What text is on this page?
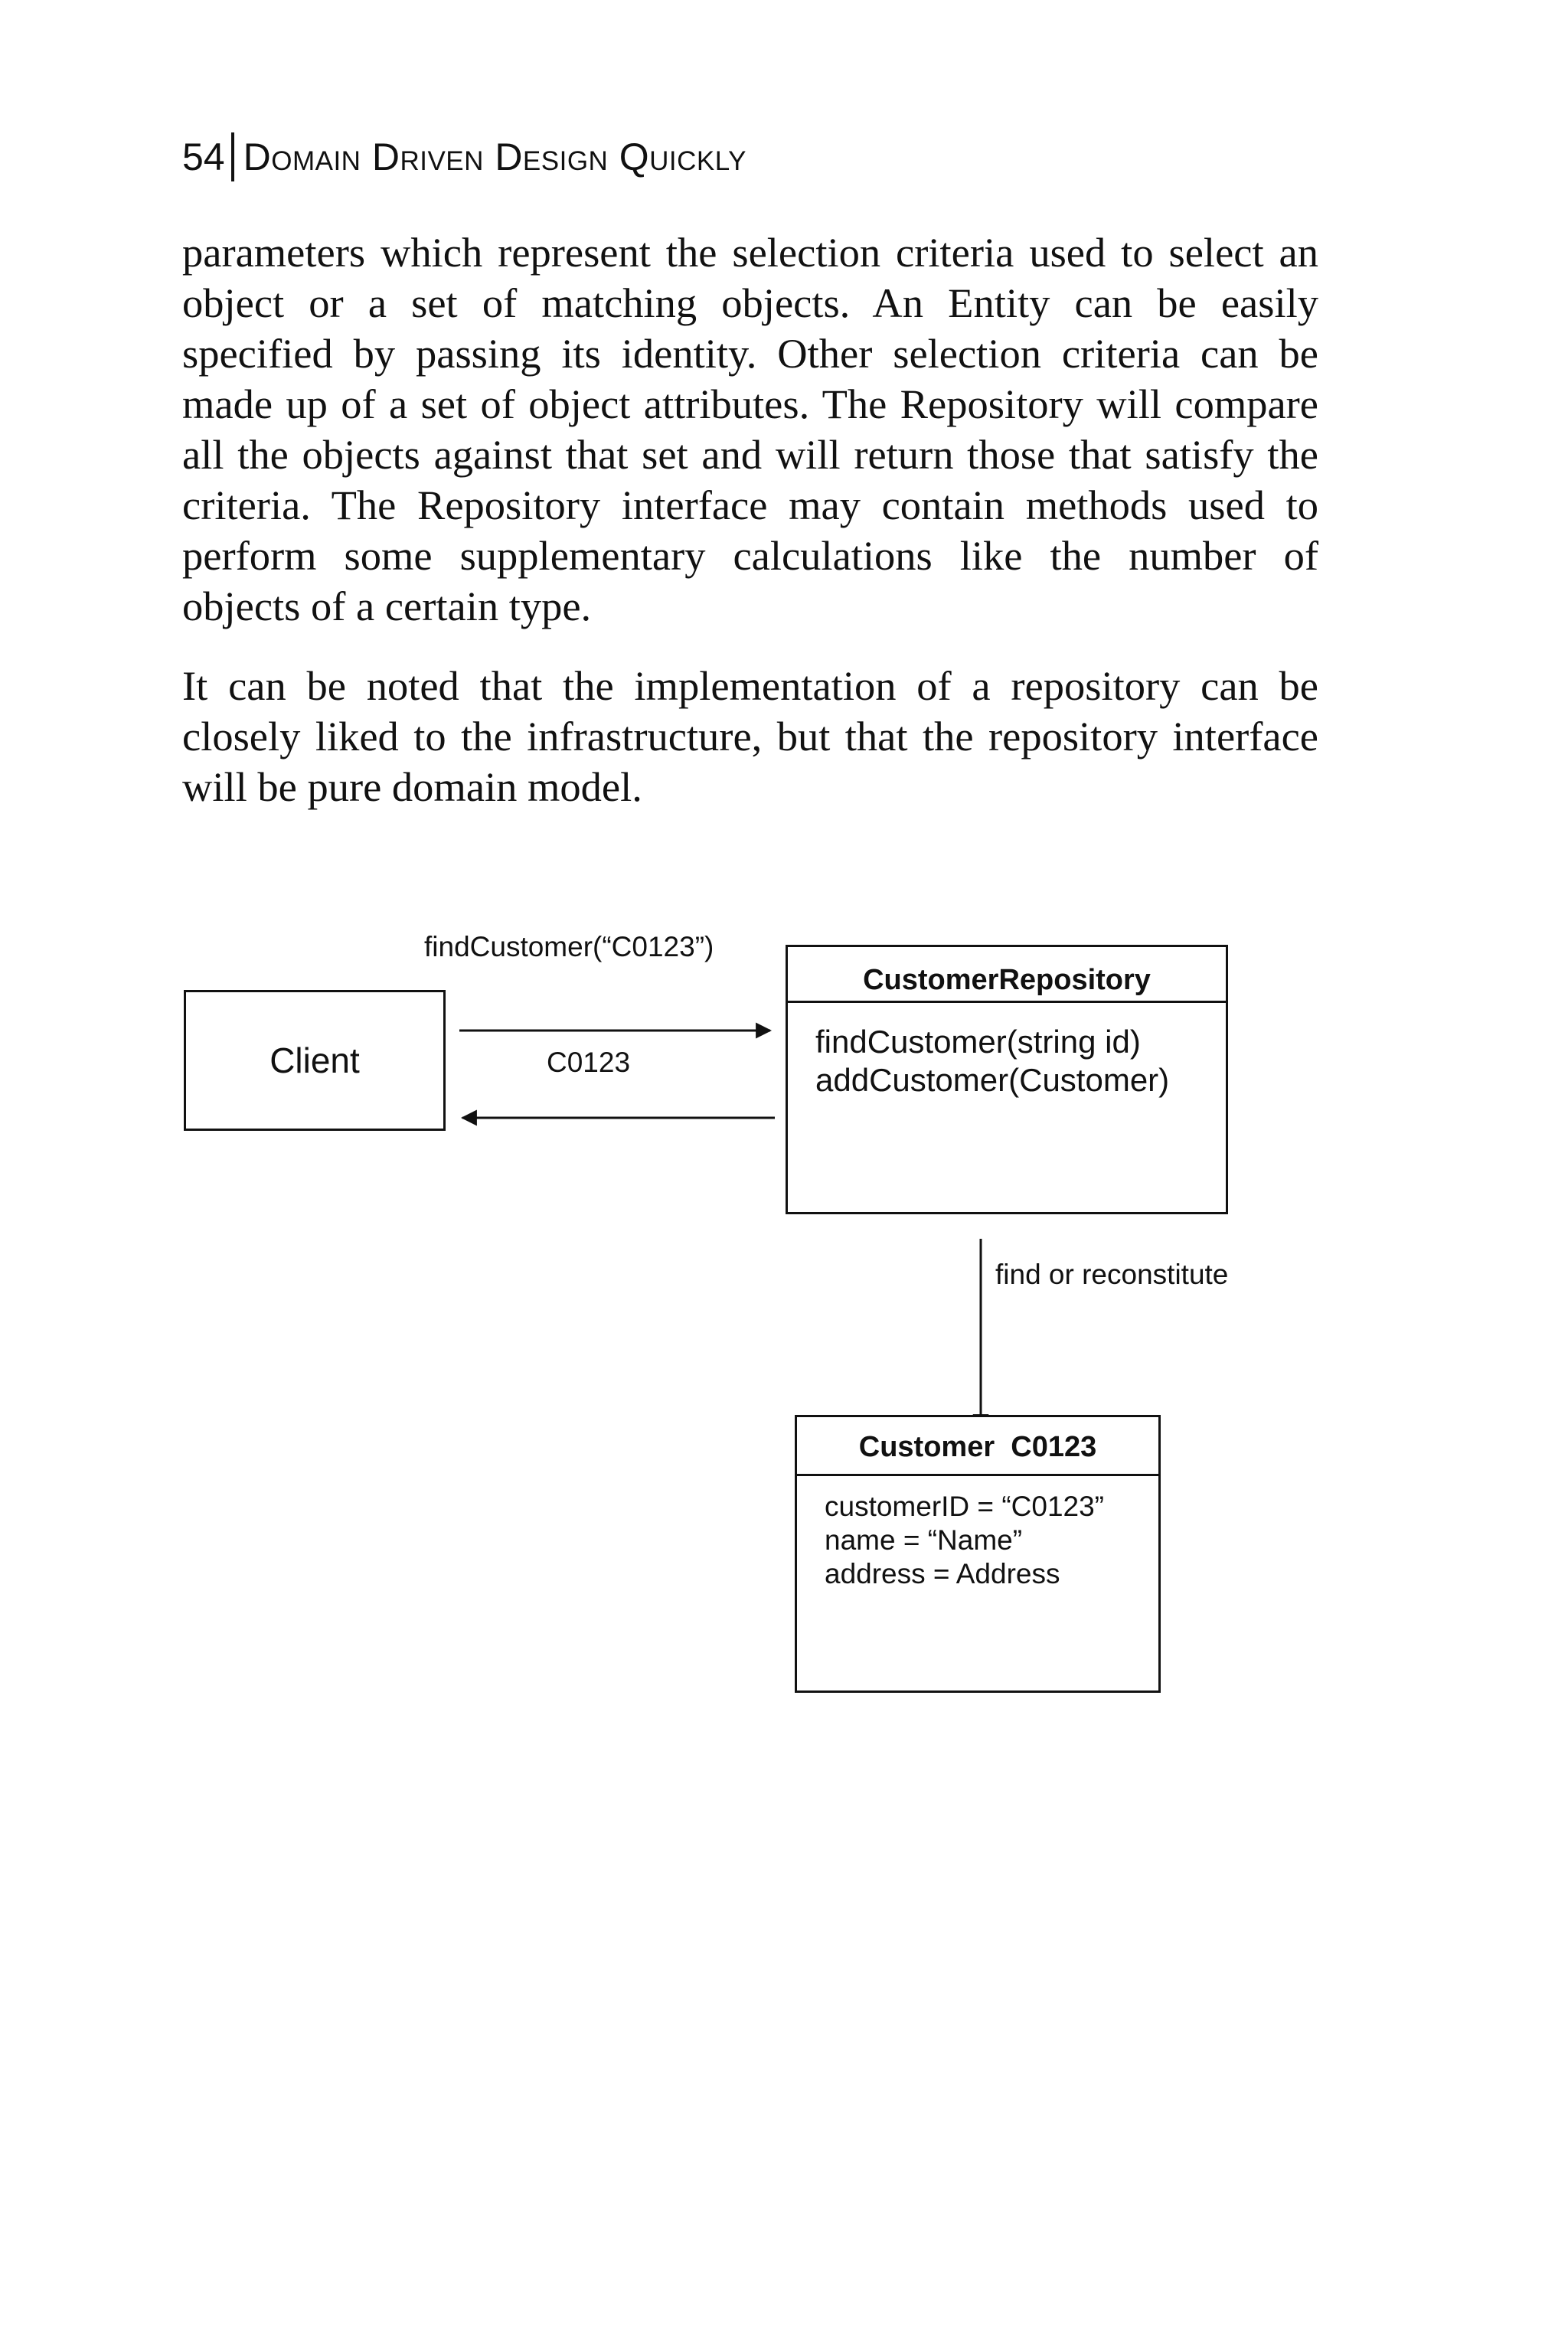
54 Domain Driven Design Quickly

parameters which represent the selection criteria used to select an object or a set of matching objects. An Entity can be easily specified by passing its identity. Other selection criteria can be made up of a set of object attributes. The Repository will compare all the objects against that set and will return those that satisfy the criteria. The Repository interface may contain methods used to perform some supplementary calculations like the number of objects of a certain type.

It can be noted that the implementation of a repository can be closely liked to the infrastructure, but that the repository interface will be pure domain model.

Client
findCustomer(“C0123”)
C0123
CustomerRepository
findCustomer(string id)
addCustomer(Customer)
find or reconstitute
Customer  C0123
customerID = “C0123”
name = “Name”
address = Address
